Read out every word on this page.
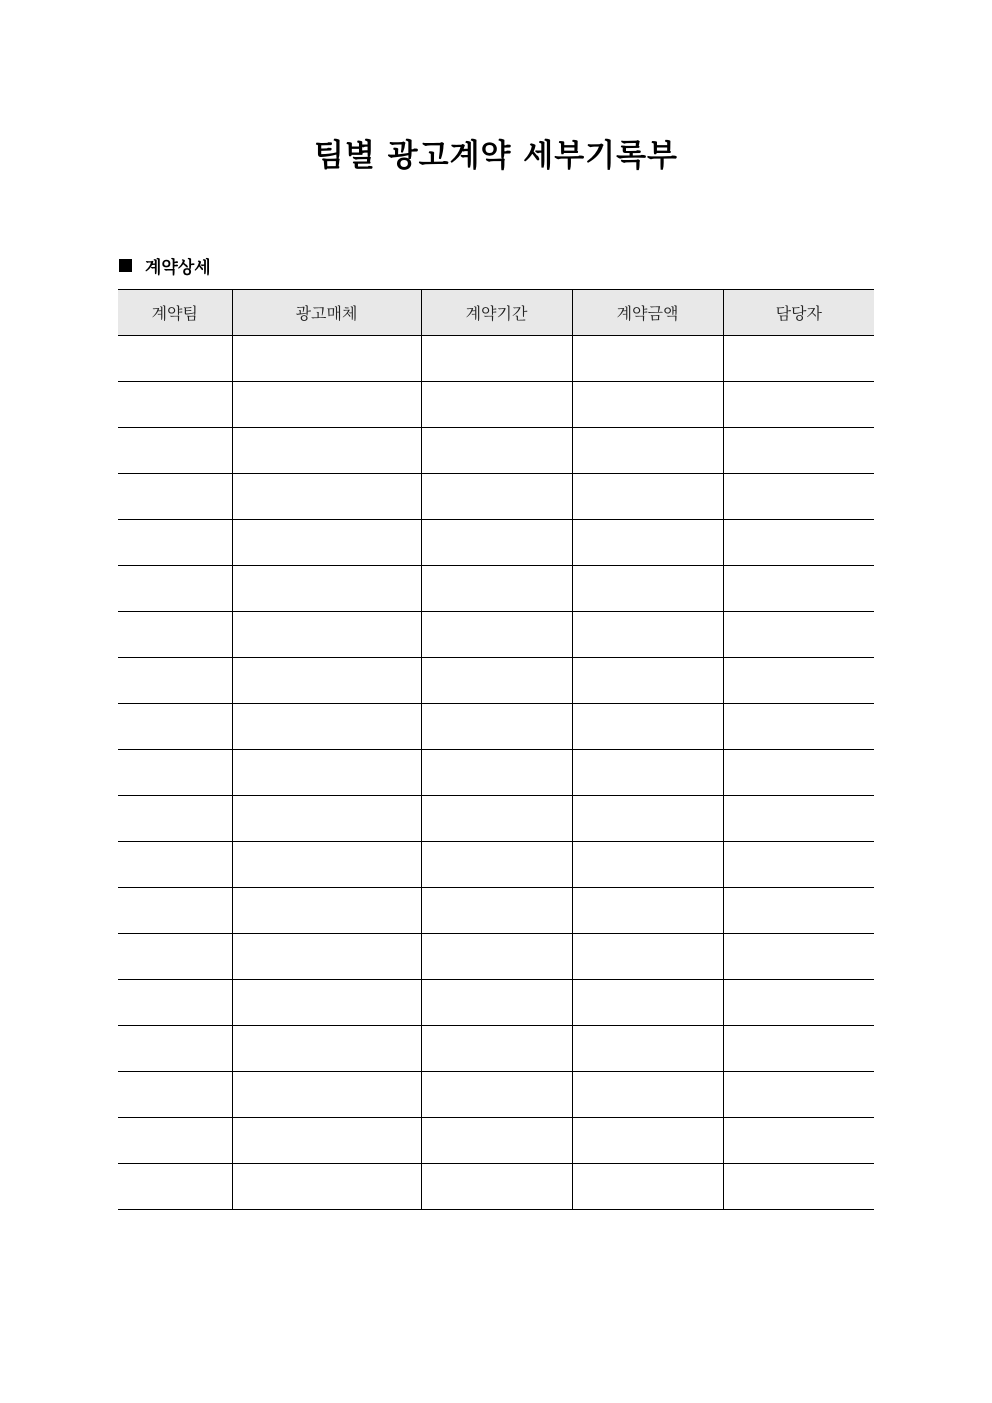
팀별 광고계약 세부기록부
계약상세
계약팀	광고매체	계약기간	계약금액	담당자
